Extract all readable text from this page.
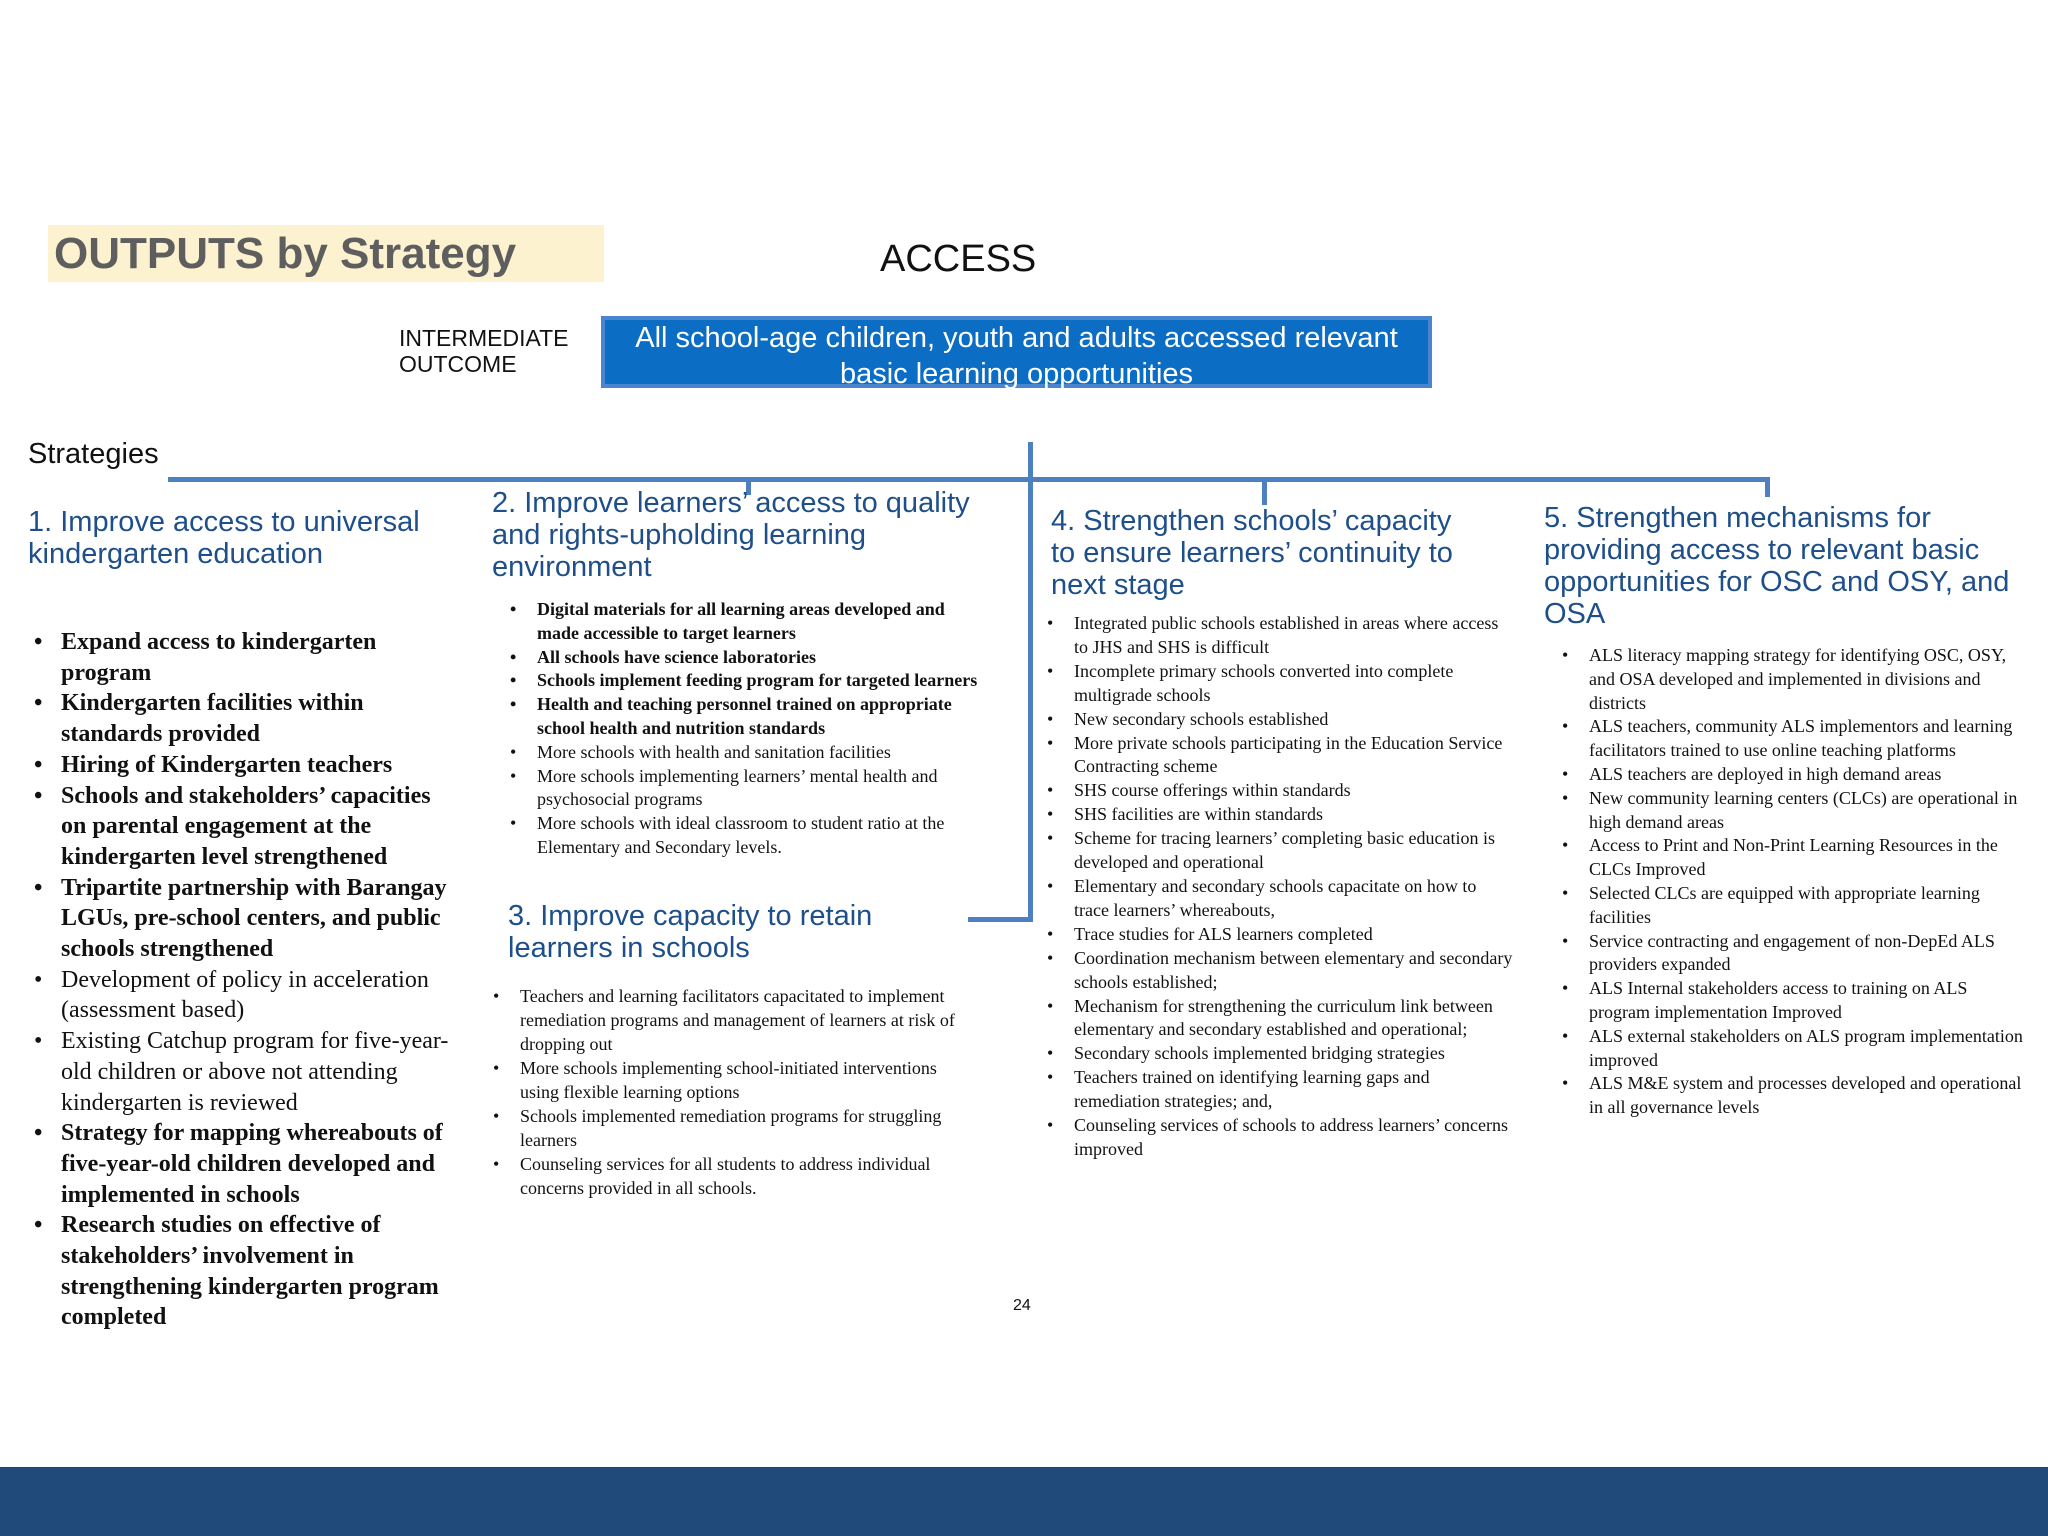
OUTPUTS by Strategy	ACCESS
INTERMEDIATE
OUTCOME
All school-age children, youth and adults accessed relevant basic learning opportunities
Strategies
1. Improve access to universal kindergarten education
• Expand access to kindergarten program
• Kindergarten facilities within standards provided
• Hiring of Kindergarten teachers
• Schools and stakeholders’ capacities on parental engagement at the kindergarten level strengthened
• Tripartite partnership with Barangay LGUs, pre-school centers, and public schools strengthened
• Development of policy in acceleration (assessment based)
• Existing Catchup program for five-year-old children or above not attending kindergarten is reviewed
• Strategy for mapping whereabouts of five-year-old children developed and implemented in schools
• Research studies on effective of stakeholders’ involvement in strengthening kindergarten program completed
2. Improve learners’ access to quality and rights-upholding learning environment
• Digital materials for all learning areas developed and made accessible to target learners
• All schools have science laboratories
• Schools implement feeding program for targeted learners
• Health and teaching personnel trained on appropriate school health and nutrition standards
• More schools with health and sanitation facilities
• More schools implementing learners’ mental health and psychosocial programs
• More schools with ideal classroom to student ratio at the Elementary and Secondary levels.
3. Improve capacity to retain learners in schools
• Teachers and learning facilitators capacitated to implement remediation programs and management of learners at risk of dropping out
• More schools implementing school-initiated interventions using flexible learning options
• Schools implemented remediation programs for struggling learners
• Counseling services for all students to address individual concerns provided in all schools.
4. Strengthen schools’ capacity to ensure learners’ continuity to next stage
• Integrated public schools established in areas where access to JHS and SHS is difficult
• Incomplete primary schools converted into complete multigrade schools
• New secondary schools established
• More private schools participating in the Education Service Contracting scheme
• SHS course offerings within standards
• SHS facilities are within standards
• Scheme for tracing learners’ completing basic education is developed and operational
• Elementary and secondary schools capacitate on how to trace learners’ whereabouts,
• Trace studies for ALS learners completed
• Coordination mechanism between elementary and secondary schools established;
• Mechanism for strengthening the curriculum link between elementary and secondary established and operational;
• Secondary schools implemented bridging strategies
• Teachers trained on identifying learning gaps and remediation strategies; and,
• Counseling services of schools to address learners’ concerns improved
5. Strengthen mechanisms for providing access to relevant basic opportunities for OSC and OSY, and OSA
• ALS literacy mapping strategy for identifying OSC, OSY, and OSA developed and implemented in divisions and districts
• ALS teachers, community ALS implementors and learning facilitators trained to use online teaching platforms
• ALS teachers are deployed in high demand areas
• New community learning centers (CLCs) are operational in high demand areas
• Access to Print and Non-Print Learning Resources in the CLCs Improved
• Selected CLCs are equipped with appropriate learning facilities
• Service contracting and engagement of non-DepEd ALS providers expanded
• ALS Internal stakeholders access to training on ALS program implementation Improved
• ALS external stakeholders on ALS program implementation improved
• ALS M&E system and processes developed and operational in all governance levels
24
